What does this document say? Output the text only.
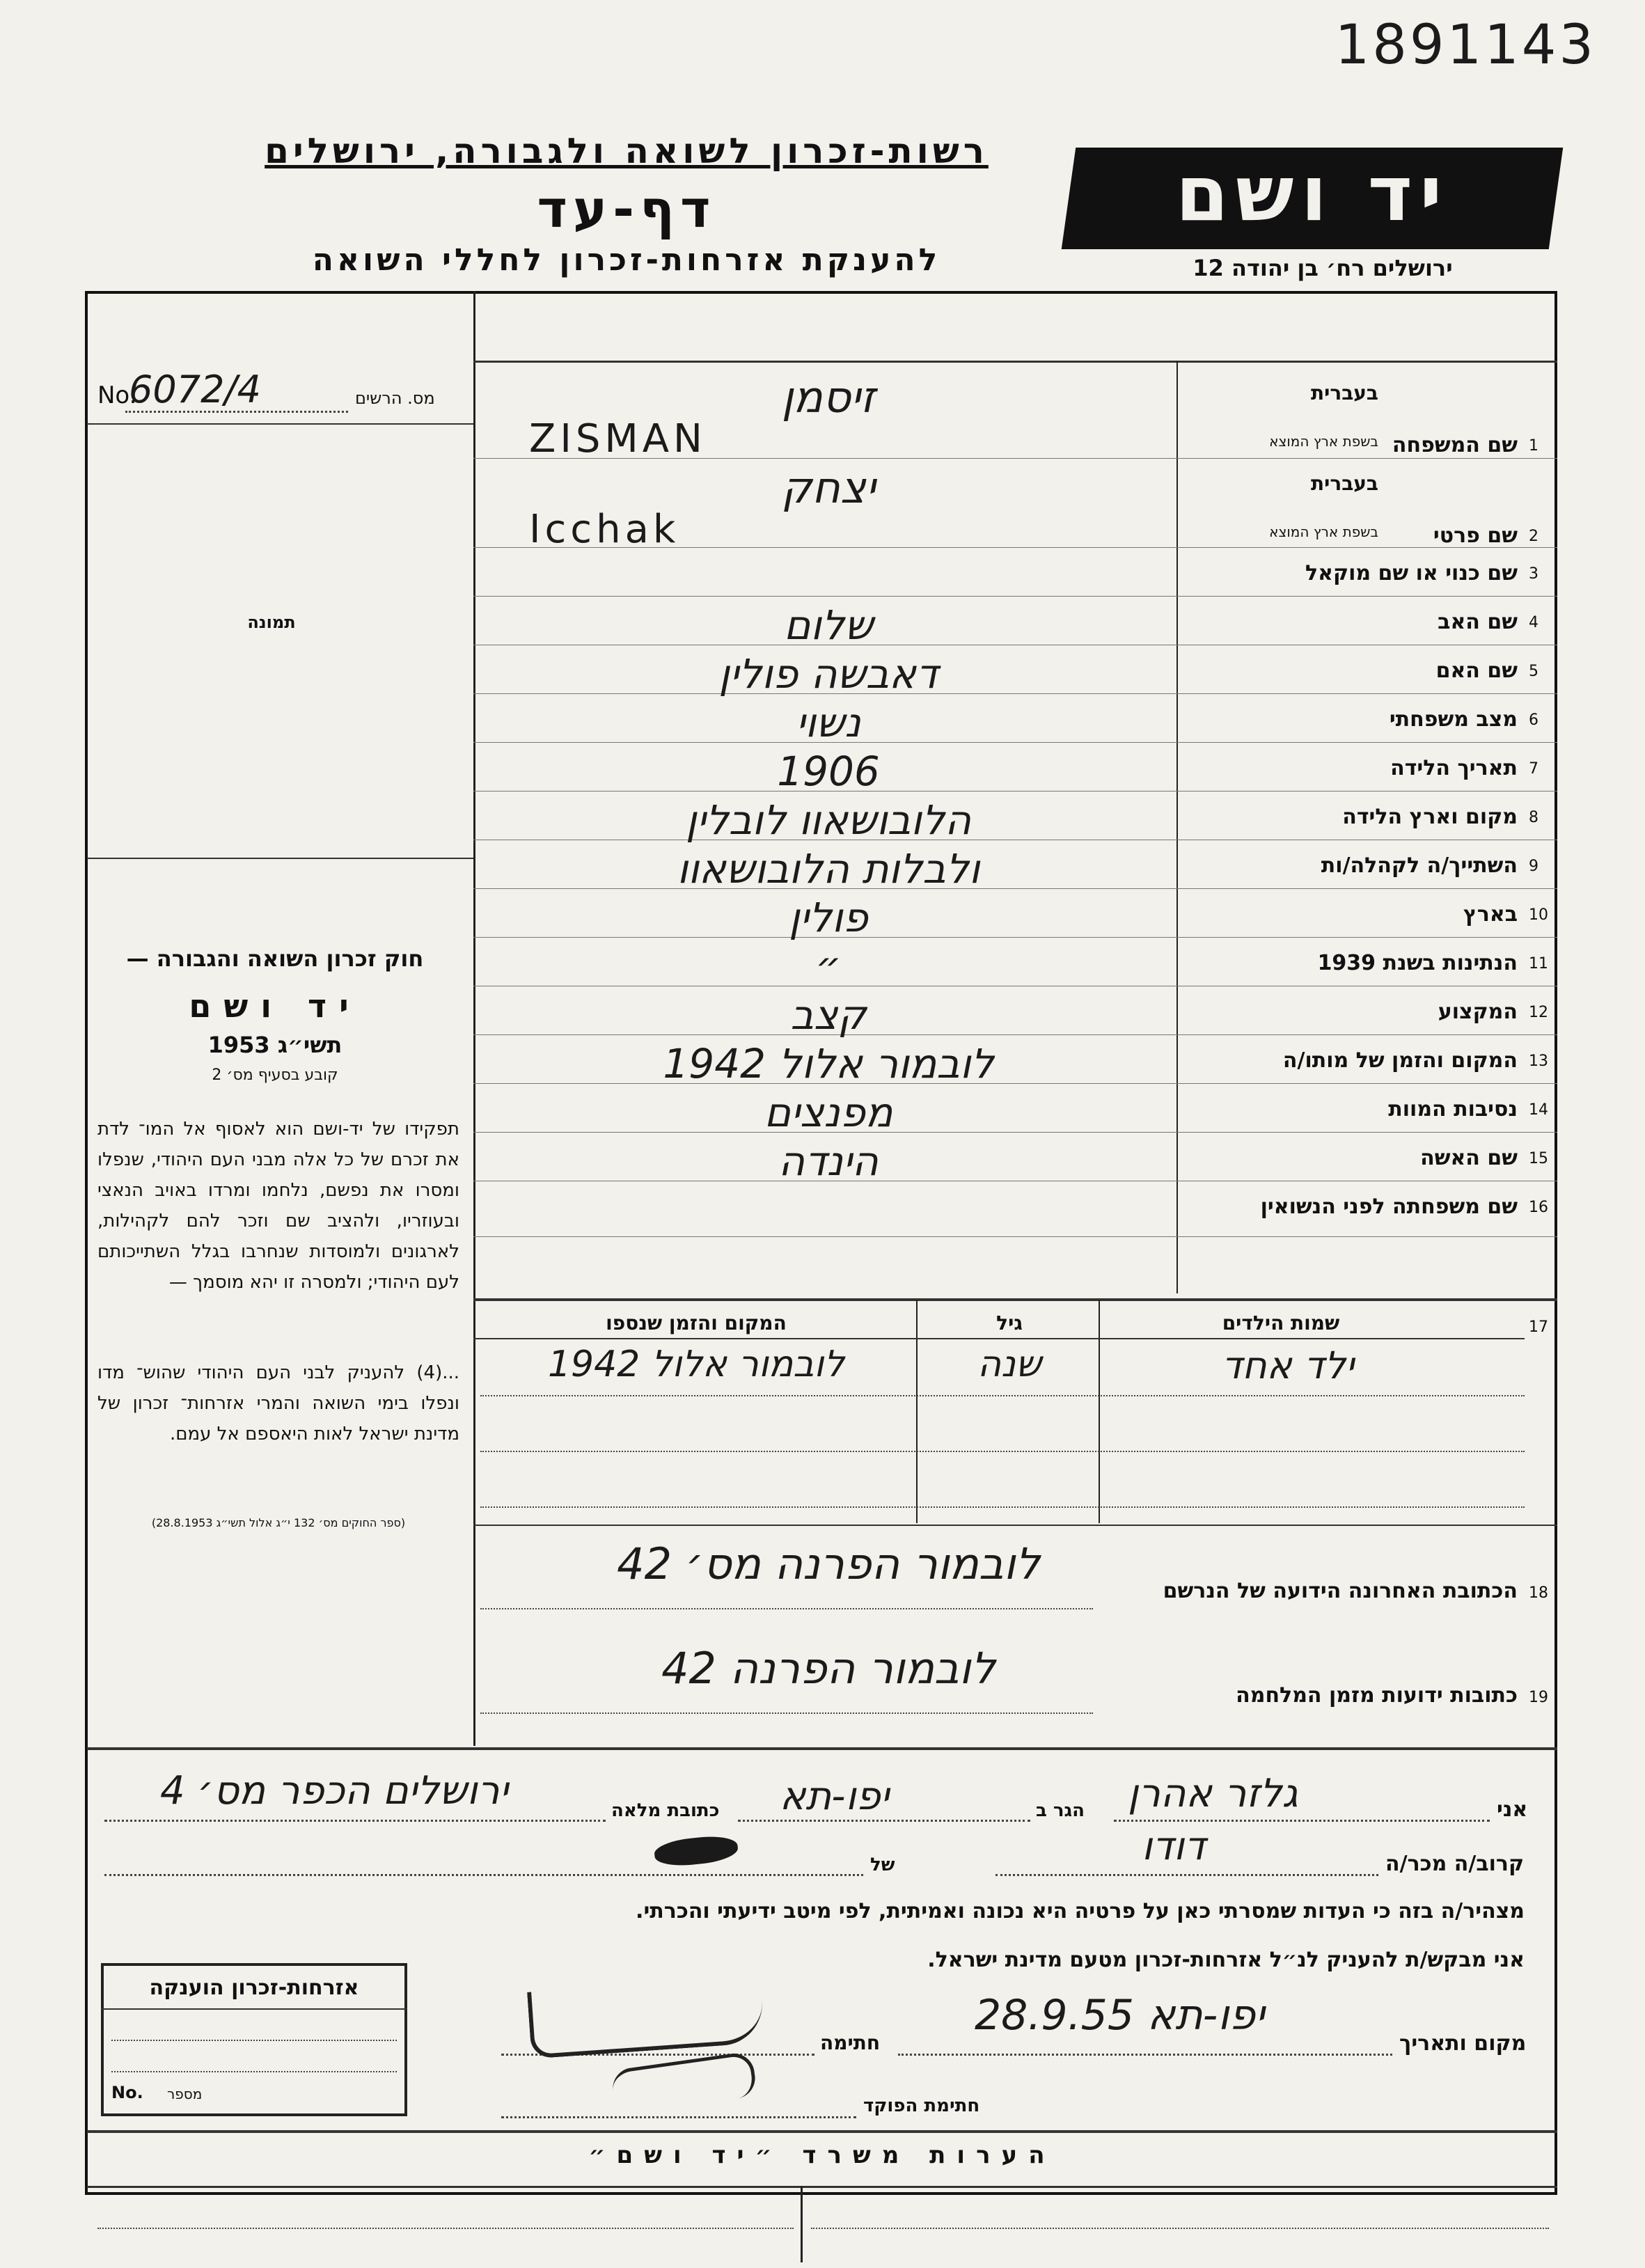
1891143
רשות-זכרון לשואה ולגבורה, ירושלים
דף-עד
להענקת אזרחות-זכרון לחללי השואה
יד ושם
ירושלים רח׳ בן יהודה 12
מס. הרשים
No.
6072/4
תמונה
חוק זכרון השואה והגבורה —
יד ושם
תשי״ג 1953
קובע בסעיף מס׳ 2
תפקידו של יד-ושם הוא לאסוף אל המו־ לדת את זכרם של כל אלה מבני העם היהודי, שנפלו ומסרו את נפשם, נלחמו ומרדו באויב הנאצי ובעוזריו, ולהציב שם וזכר להם לקהילות, לארגונים ולמוסדות שנחרבו בגלל השתייכותם לעם היהודי; ולמסרה זו יהא מוסמך —
...(4) להעניק לבני העם היהודי שהוש־ מדו ונפלו בימי השואה והמרי אזרחות־ זכרון של מדינת ישראל לאות היאספם אל עמם.
(ספר החוקים מס׳ 132 י״ג אלול תשי״ג 28.8.1953)
1
שם המשפחה
בעברית
בשפת ארץ המוצא
2
שם פרטי
בעברית
בשפת ארץ המוצא
3
שם כנוי או שם מוקאל
4
שם האב
5
שם האם
6
מצב משפחתי
7
תאריך הלידה
8
מקום וארץ הלידה
9
השתייך/ה לקהלה/ות
10
בארץ
11
הנתינות בשנת 1939
12
המקצוע
13
המקום והזמן של מותו/ה
14
נסיבות המוות
15
שם האשה
16
שם משפחתה לפני הנשואין
זיסמן
ZISMAN
יצחק
Icchak
שלום
דאבשה פולין
נשוי
1906
הלובושאוו לובלין
ולבלות הלובושאוו
פולין
״
קצב
לובמור אלול 1942
מפנצים
הינדה
17
שמות הילדים
גיל
המקום והזמן שנספו
ילד אחד
שנה
לובמור אלול 1942
18
הכתובת האחרונה הידועה של הנרשם
לובמור הפרנה מס׳ 42
19
כתובות ידועות מזמן המלחמה
לובמור הפרנה 42
אני
גלזר אהרן
הגר ב
יפו-תא
כתובת מלאה
ירושלים הכפר מס׳ 4
קרוב/ה מכר/ה
דודו
של
מצהיר/ה בזה כי העדות שמסרתי כאן על פרטיה היא נכונה ואמיתית, לפי מיטב ידיעתי והכרתי.
אני מבקש/ת להעניק לנ״ל אזרחות-זכרון מטעם מדינת ישראל.
מקום ותאריך
יפו-תא 28.9.55
חתימה
חתימת הפוקד
אזרחות-זכרון הוענקה
מספר
No.
הערות משרד ״יד ושם״
